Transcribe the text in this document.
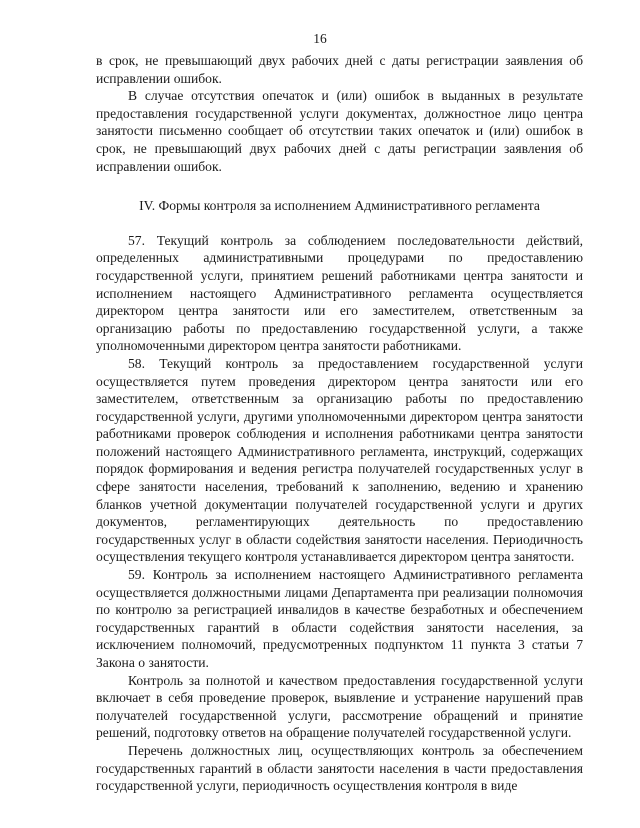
16

в срок, не превышающий двух рабочих дней с даты регистрации заявления об исправлении ошибок.

В случае отсутствия опечаток и (или) ошибок в выданных в результате предоставления государственной услуги документах, должностное лицо центра занятости письменно сообщает об отсутствии таких опечаток и (или) ошибок в срок, не превышающий двух рабочих дней с даты регистрации заявления об исправлении ошибок.

IV. Формы контроля за исполнением Административного регламента

57. Текущий контроль за соблюдением последовательности действий, определенных административными процедурами по предоставлению государственной услуги, принятием решений работниками центра занятости и исполнением настоящего Административного регламента осуществляется директором центра занятости или его заместителем, ответственным за организацию работы по предоставлению государственной услуги, а также уполномоченными директором центра занятости работниками.

58. Текущий контроль за предоставлением государственной услуги осуществляется путем проведения директором центра занятости или его заместителем, ответственным за организацию работы по предоставлению государственной услуги, другими уполномоченными директором центра занятости работниками проверок соблюдения и исполнения работниками центра занятости положений настоящего Административного регламента, инструкций, содержащих порядок формирования и ведения регистра получателей государственных услуг в сфере занятости населения, требований к заполнению, ведению и хранению бланков учетной документации получателей государственной услуги и других документов, регламентирующих деятельность по предоставлению государственных услуг в области содействия занятости населения. Периодичность осуществления текущего контроля устанавливается директором центра занятости.

59. Контроль за исполнением настоящего Административного регламента осуществляется должностными лицами Департамента при реализации полномочия по контролю за регистрацией инвалидов в качестве безработных и обеспечением государственных гарантий в области содействия занятости населения, за исключением полномочий, предусмотренных подпунктом 11 пункта 3 статьи 7 Закона о занятости.

Контроль за полнотой и качеством предоставления государственной услуги включает в себя проведение проверок, выявление и устранение нарушений прав получателей государственной услуги, рассмотрение обращений и принятие решений, подготовку ответов на обращение получателей государственной услуги.

Перечень должностных лиц, осуществляющих контроль за обеспечением государственных гарантий в области занятости населения в части предоставления государственной услуги, периодичность осуществления контроля в виде
